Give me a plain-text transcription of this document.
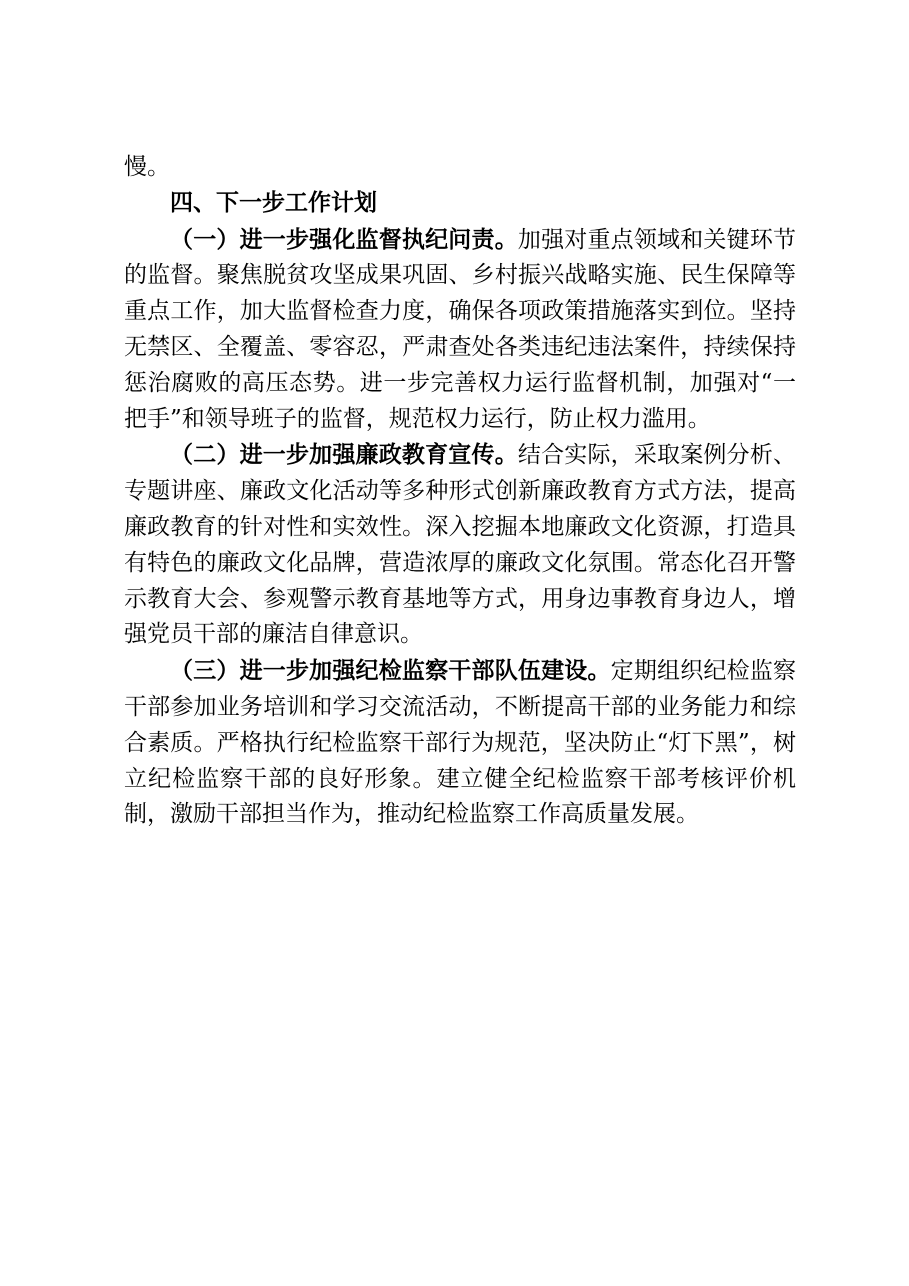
慢。

四、下一步工作计划

（一）进一步强化监督执纪问责。加强对重点领域和关键环节的监督。聚焦脱贫攻坚成果巩固、乡村振兴战略实施、民生保障等重点工作，加大监督检查力度，确保各项政策措施落实到位。坚持无禁区、全覆盖、零容忍，严肃查处各类违纪违法案件，持续保持惩治腐败的高压态势。进一步完善权力运行监督机制，加强对“一把手”和领导班子的监督，规范权力运行，防止权力滥用。

（二）进一步加强廉政教育宣传。结合实际，采取案例分析、专题讲座、廉政文化活动等多种形式创新廉政教育方式方法，提高廉政教育的针对性和实效性。深入挖掘本地廉政文化资源，打造具有特色的廉政文化品牌，营造浓厚的廉政文化氛围。常态化召开警示教育大会、参观警示教育基地等方式，用身边事教育身边人，增强党员干部的廉洁自律意识。

（三）进一步加强纪检监察干部队伍建设。定期组织纪检监察干部参加业务培训和学习交流活动，不断提高干部的业务能力和综合素质。严格执行纪检监察干部行为规范，坚决防止“灯下黑”，树立纪检监察干部的良好形象。建立健全纪检监察干部考核评价机制，激励干部担当作为，推动纪检监察工作高质量发展。
